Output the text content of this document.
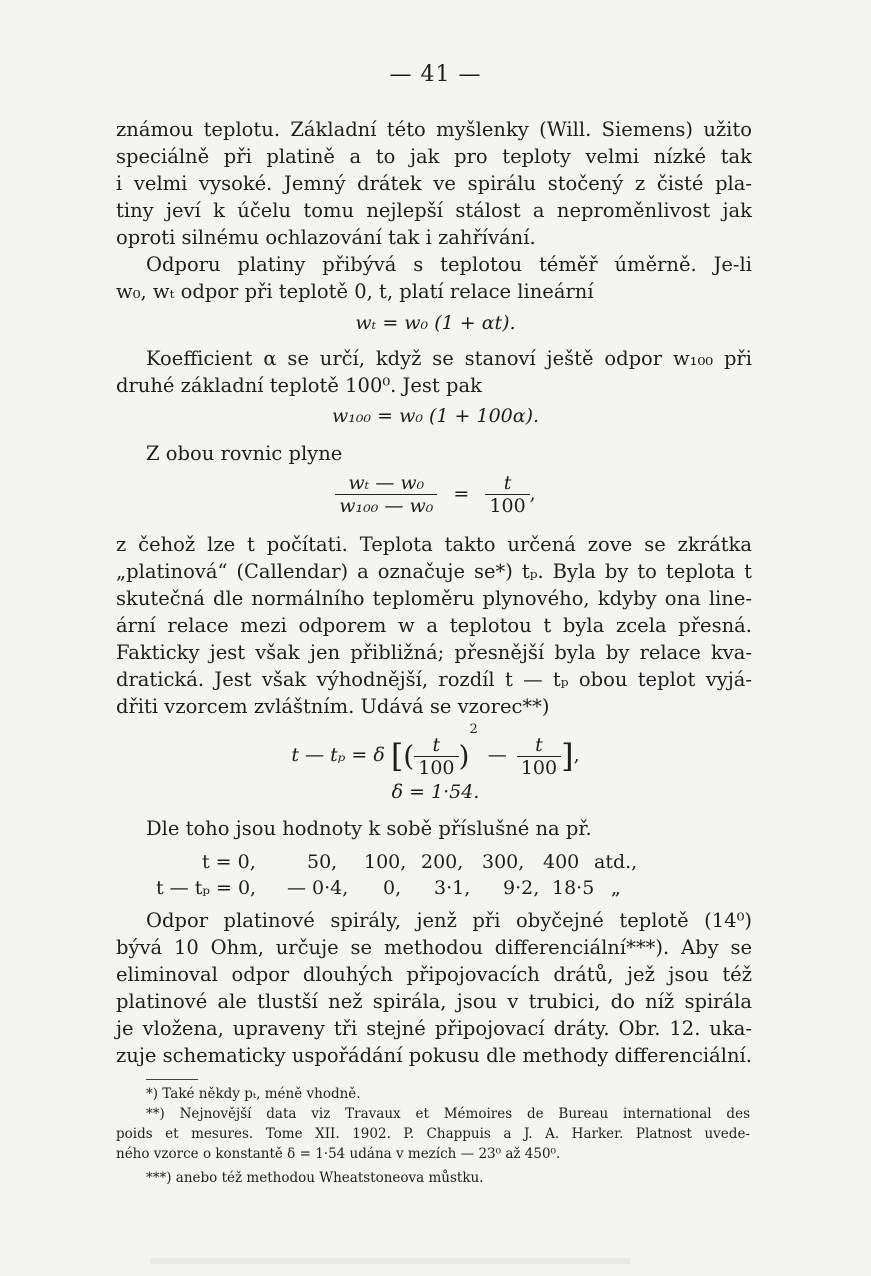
— 41 —
známou teplotu. Základní této myšlenky (Will. Siemens) užito
speciálně při platině a to jak pro teploty velmi nízké tak
i velmi vysoké. Jemný drátek ve spirálu stočený z čisté pla-
tiny jeví k účelu tomu nejlepší stálost a neproměnlivost jak
oproti silnému ochlazování tak i zahřívání.
Odporu platiny přibývá s teplotou téměř úměrně. Je-li
w₀, wₜ odpor při teplotě 0, t, platí relace lineární
wₜ = w₀ (1 + αt).
Koefficient α se určí, když se stanoví ještě odpor w₁₀₀ při
druhé základní teplotě 100⁰. Jest pak
w₁₀₀ = w₀ (1 + 100α).
Z obou rovnic plyne
$\frac{\text{wₜ — w₀}}{\text{w₁₀₀ — w₀}} = \frac{t}{100}$ ,
z čehož lze t počítati. Teplota takto určená zove se zkrátka
„platinová“ (Callendar) a označuje se*) tₚ. Byla by to teplota t
skutečná dle normálního teploměru plynového, kdyby ona line-
ární relace mezi odporem w a teplotou t byla zcela přesná.
Fakticky jest však jen přibližná; přesnější byla by relace kva-
dratická. Jest však výhodnější, rozdíl t — tₚ obou teplot vyjá-
dřiti vzorcem zvláštním. Udává se vzorec**)
t — tₚ = δ [( $\frac{t}{100} )^2$ — $\frac{t}{100}$ ],
δ = 1·54.
Dle toho jsou hodnoty k sobě příslušné na př.
t = 0,	50, 100, 200, 300, 400 atd.,
t — tₚ = 0, — 0·4, 0, 3·1, 9·2, 18·5 „
Odpor platinové spirály, jenž při obyčejné teplotě (14⁰)
bývá 10 Ohm, určuje se methodou differenciální***). Aby se
eliminoval odpor dlouhých připojovacích drátů, jež jsou též
platinové ale tlustší než spirála, jsou v trubici, do níž spirála
je vložena, upraveny tři stejné připojovací dráty. Obr. 12. uka-
zuje schematicky uspořádání pokusu dle methody differenciální.
*) Také někdy pₜ, méně vhodně.
**) Nejnovější data viz Travaux et Mémoires de Bureau international des
poids et mesures. Tome XII. 1902. P. Chappuis a J. A. Harker. Platnost uvede-
ného vzorce o konstantě δ = 1·54 udána v mezích — 23⁰ až 450⁰.
***) anebo též methodou Wheatstoneova můstku.
